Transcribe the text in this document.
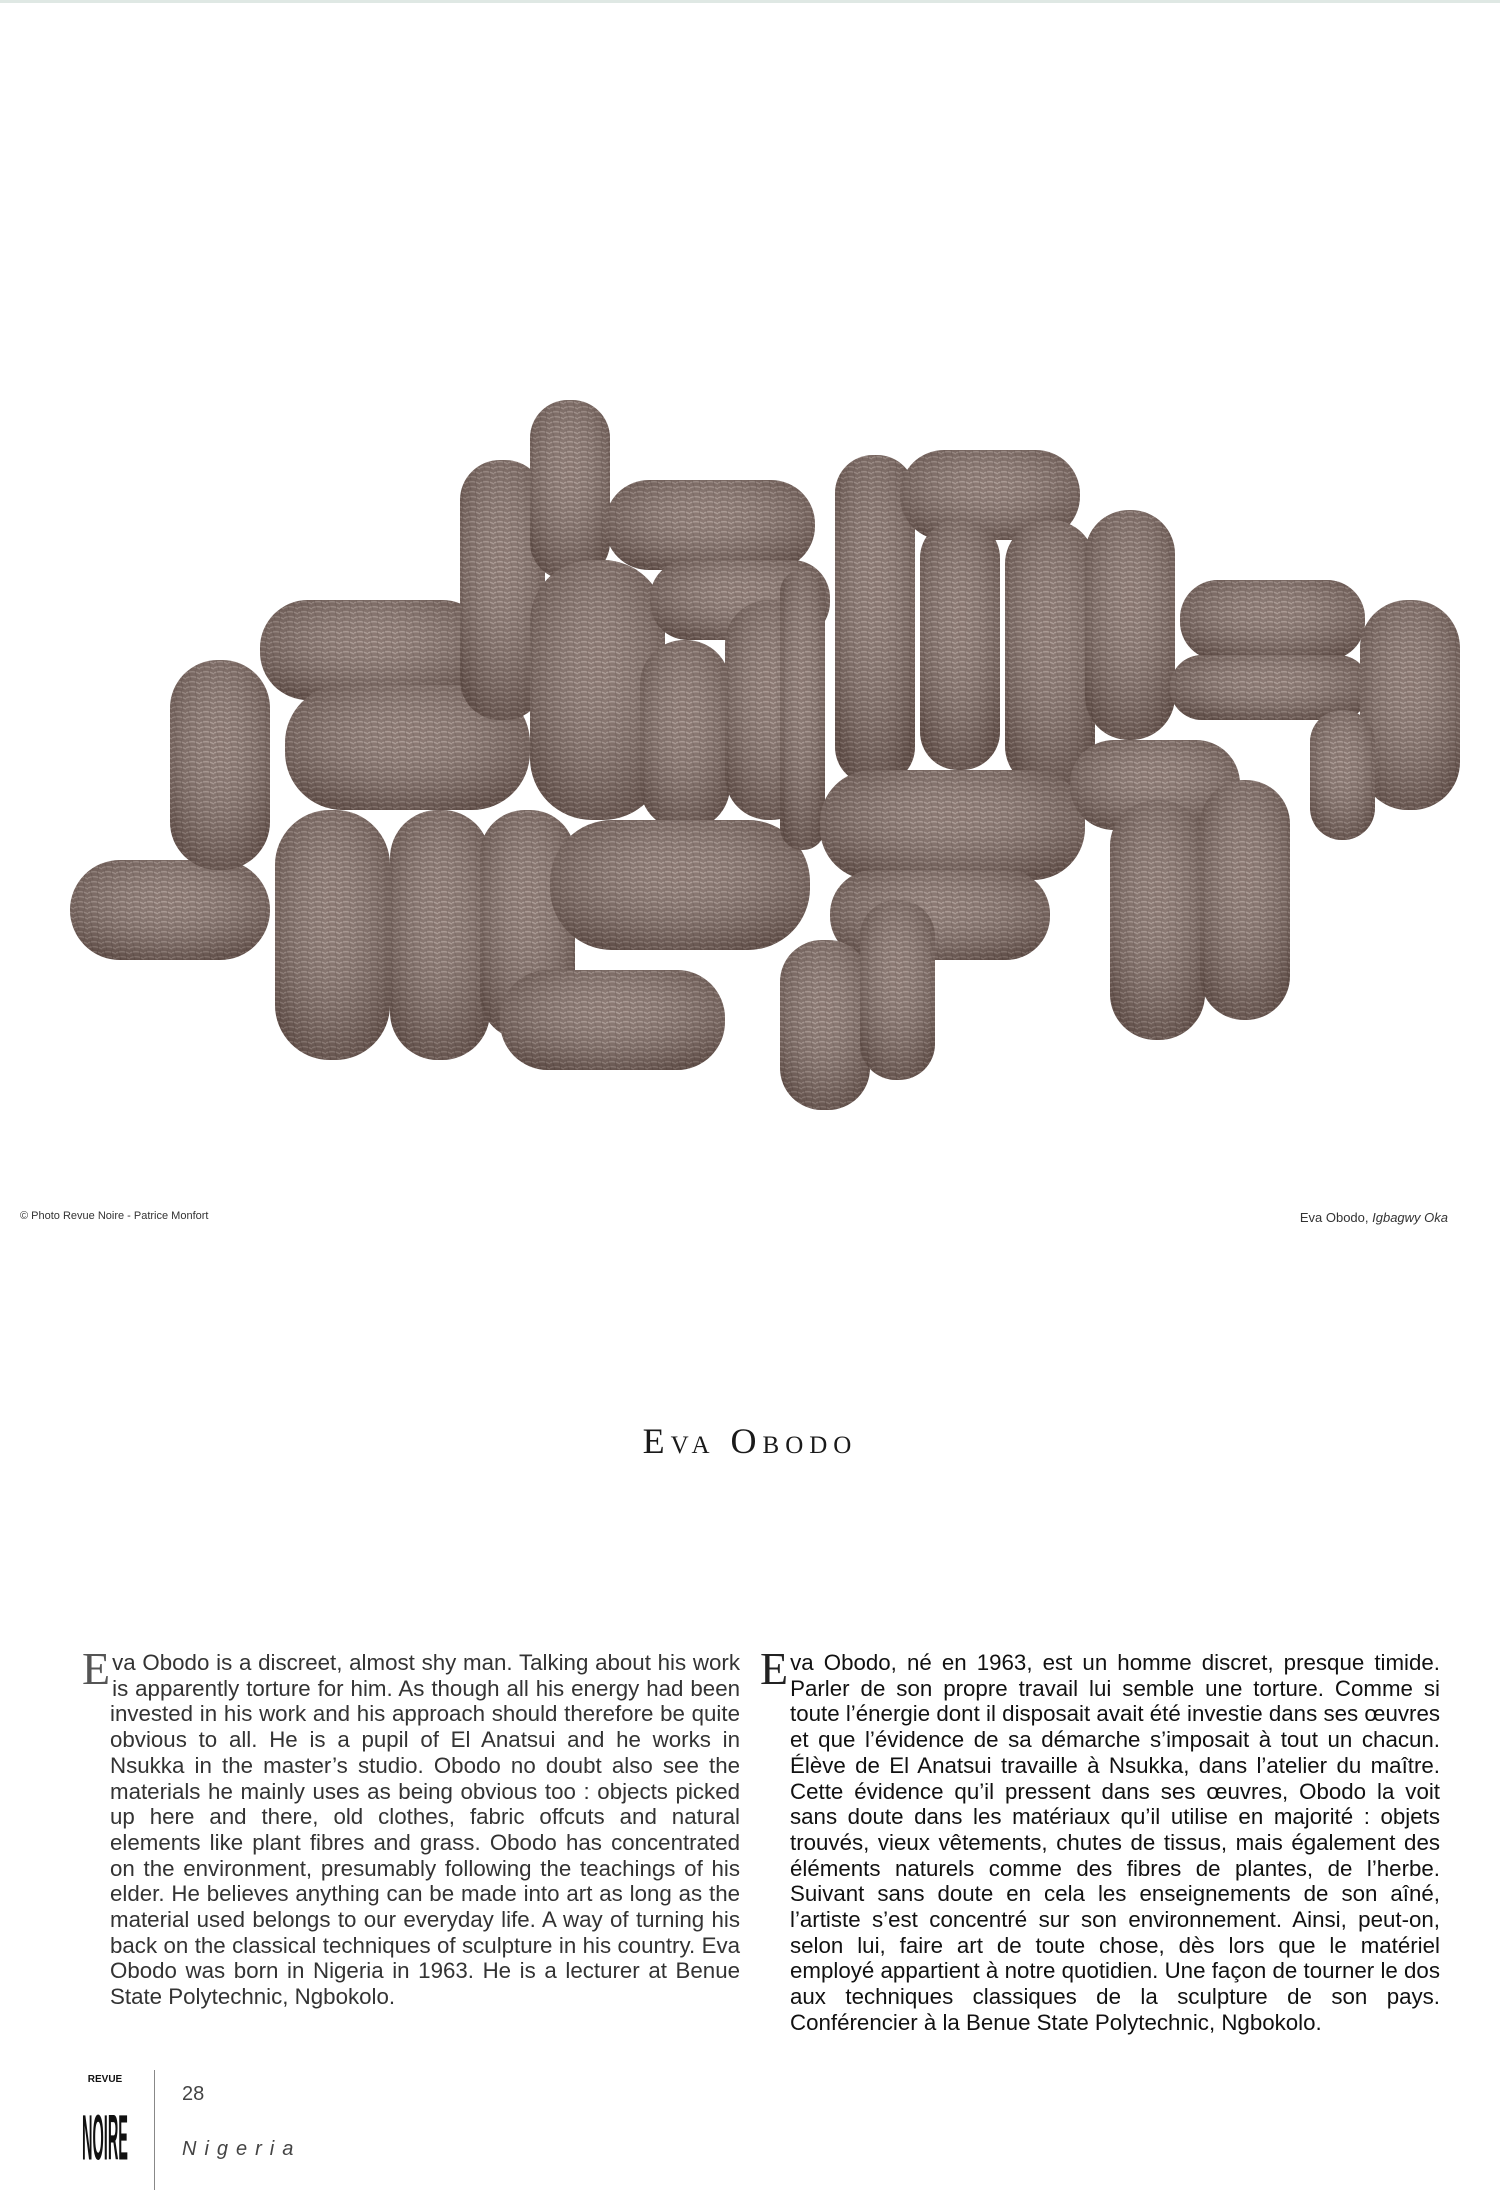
© Photo Revue Noire - Patrice Monfort	Eva Obodo, Igbagwy Oka
Eva Obodo
Eva Obodo is a discreet, almost shy man. Talking about his work is apparently torture for him. As though all his energy had been invested in his work and his approach should therefore be quite obvious to all. He is a pupil of El Anatsui and he works in Nsukka in the master’s studio. Obodo no doubt also see the materials he mainly uses as being obvious too : objects picked up here and there, old clothes, fabric offcuts and natural elements like plant fibres and grass. Obodo has concentrated on the environment, presumably following the teachings of his elder. He believes anything can be made into art as long as the material used belongs to our everyday life. A way of turning his back on the classical techniques of sculpture in his country. Eva Obodo was born in Nigeria in 1963. He is a lecturer at Benue State Polytechnic, Ngbokolo.
Eva Obodo, né en 1963, est un homme discret, presque timide. Parler de son propre travail lui semble une torture. Comme si toute l’énergie dont il disposait avait été investie dans ses œuvres et que l’évidence de sa démarche s’imposait à tout un chacun. Élève de El Anatsui travaille à Nsukka, dans l’atelier du maître. Cette évidence qu’il pressent dans ses œuvres, Obodo la voit sans doute dans les matériaux qu’il utilise en majorité : objets trouvés, vieux vêtements, chutes de tissus, mais également des éléments naturels comme des fibres de plantes, de l’herbe. Suivant sans doute en cela les enseignements de son aîné, l’artiste s’est concentré sur son environnement. Ainsi, peut-on, selon lui, faire art de toute chose, dès lors que le matériel employé appartient à notre quotidien. Une façon de tourner le dos aux techniques classiques de la sculpture de son pays. Conférencier à la Benue State Polytechnic, Ngbokolo.
REVUE
NOIRE
28
Nigeria
